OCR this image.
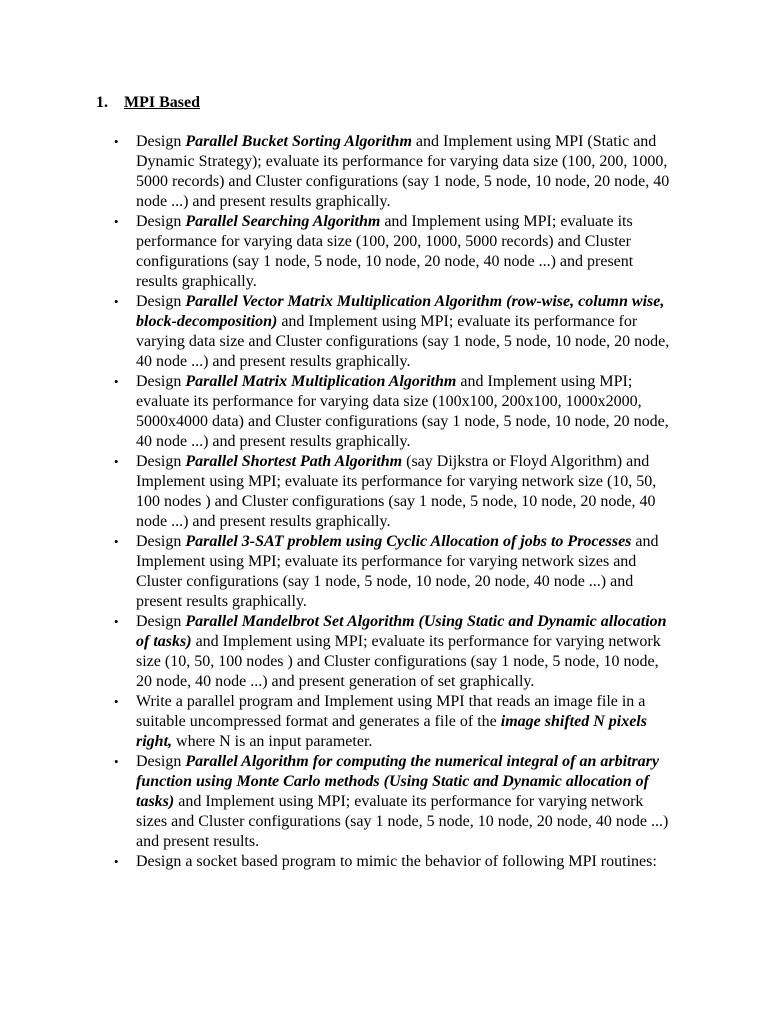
1. MPI Based
•	Design Parallel Bucket Sorting Algorithm and Implement using MPI (Static and Dynamic Strategy); evaluate its performance for varying data size (100, 200, 1000, 5000 records) and Cluster configurations (say 1 node, 5 node, 10 node, 20 node, 40 node ...) and present results graphically.
•	Design Parallel Searching Algorithm and Implement using MPI; evaluate its performance for varying data size (100, 200, 1000, 5000 records) and Cluster configurations (say 1 node, 5 node, 10 node, 20 node, 40 node ...) and present results graphically.
•	Design Parallel Vector Matrix Multiplication Algorithm (row-wise, column wise, block-decomposition) and Implement using MPI; evaluate its performance for varying data size and Cluster configurations (say 1 node, 5 node, 10 node, 20 node, 40 node ...) and present results graphically.
•	Design Parallel Matrix Multiplication Algorithm and Implement using MPI; evaluate its performance for varying data size (100x100, 200x100, 1000x2000, 5000x4000 data) and Cluster configurations (say 1 node, 5 node, 10 node, 20 node, 40 node ...) and present results graphically.
•	Design Parallel Shortest Path Algorithm (say Dijkstra or Floyd Algorithm) and Implement using MPI; evaluate its performance for varying network size (10, 50, 100 nodes ) and Cluster configurations (say 1 node, 5 node, 10 node, 20 node, 40 node ...) and present results graphically.
•	Design Parallel 3-SAT problem using Cyclic Allocation of jobs to Processes and Implement using MPI; evaluate its performance for varying network sizes and Cluster configurations (say 1 node, 5 node, 10 node, 20 node, 40 node ...) and present results graphically.
•	Design Parallel Mandelbrot Set Algorithm (Using Static and Dynamic allocation of tasks) and Implement using MPI; evaluate its performance for varying network size (10, 50, 100 nodes ) and Cluster configurations (say 1 node, 5 node, 10 node, 20 node, 40 node ...) and present generation of set graphically.
•	Write a parallel program and Implement using MPI that reads an image file in a suitable uncompressed format and generates a file of the image shifted N pixels right, where N is an input parameter.
•	Design Parallel Algorithm for computing the numerical integral of an arbitrary function using Monte Carlo methods (Using Static and Dynamic allocation of tasks) and Implement using MPI; evaluate its performance for varying network sizes and Cluster configurations (say 1 node, 5 node, 10 node, 20 node, 40 node ...) and present results.
•	Design a socket based program to mimic the behavior of following MPI routines:
